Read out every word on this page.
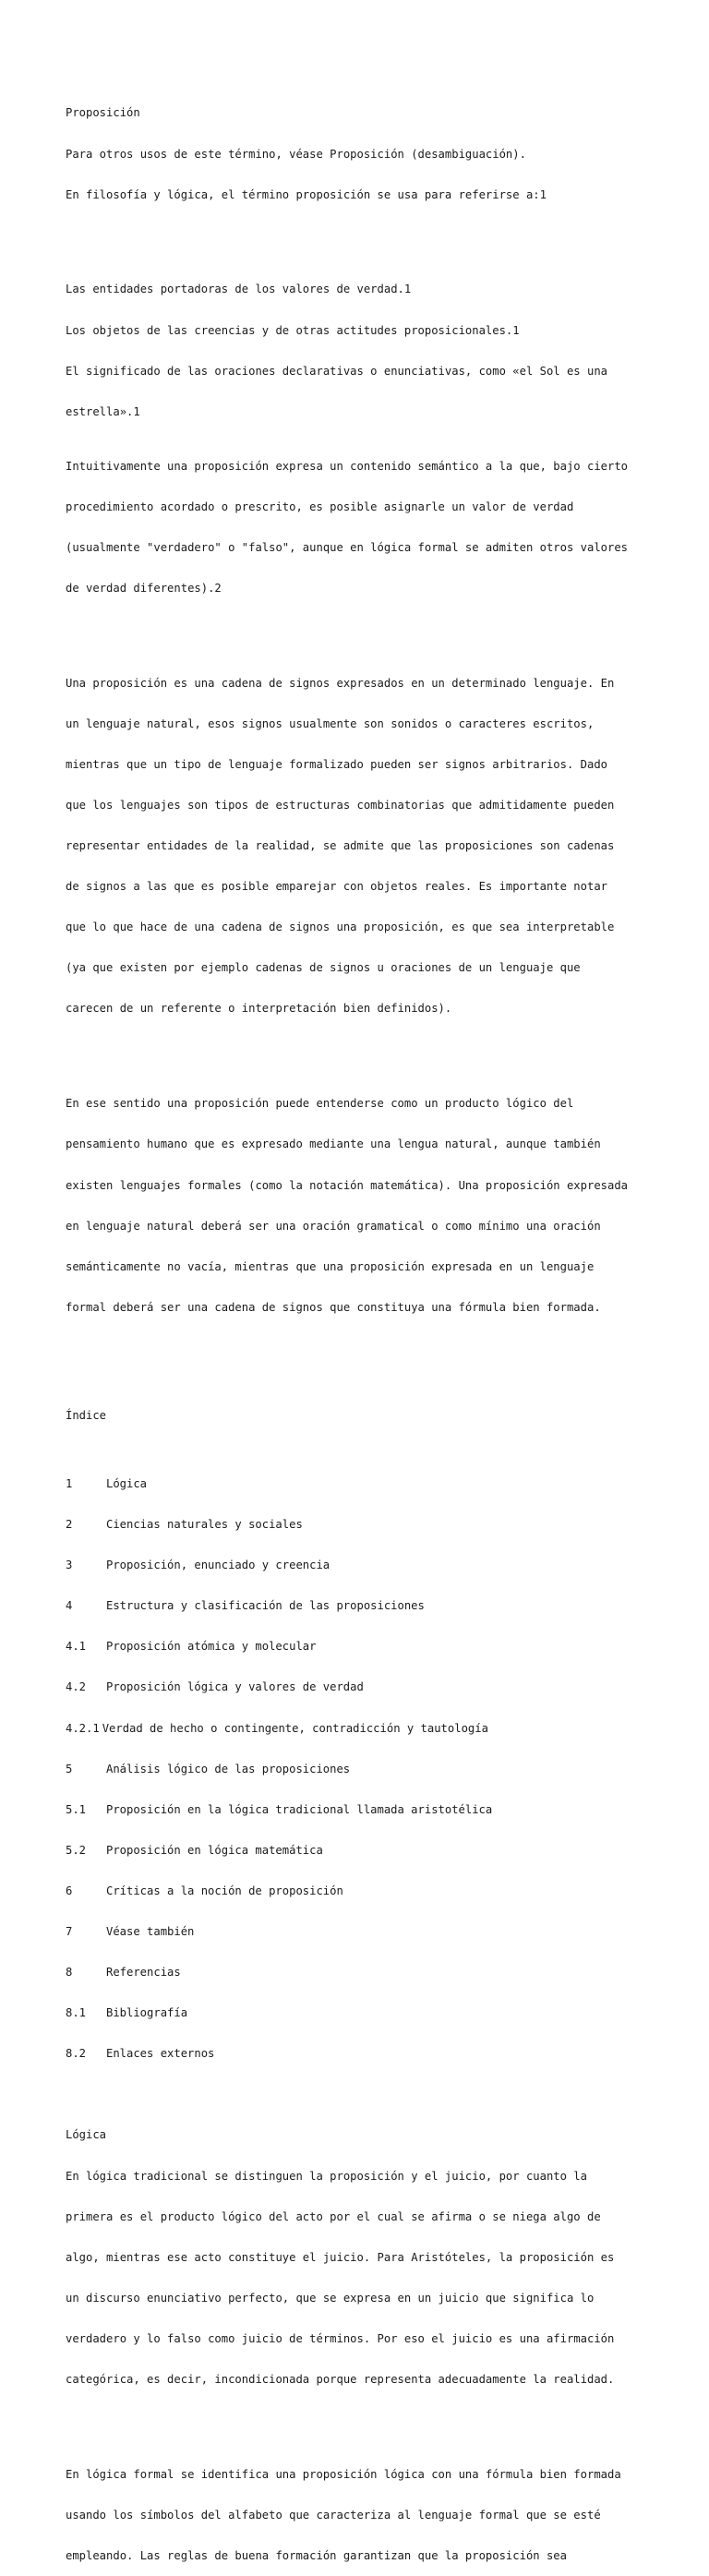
Proposición

Para otros usos de este término, véase Proposición (desambiguación).

En filosofía y lógica, el término proposición se usa para referirse a:1

Las entidades portadoras de los valores de verdad.1

Los objetos de las creencias y de otras actitudes proposicionales.1

El significado de las oraciones declarativas o enunciativas, como «el Sol es una

estrella».1

Intuitivamente una proposición expresa un contenido semántico a la que, bajo cierto

procedimiento acordado o prescrito, es posible asignarle un valor de verdad

(usualmente "verdadero" o "falso", aunque en lógica formal se admiten otros valores

de verdad diferentes).2

Una proposición es una cadena de signos expresados en un determinado lenguaje. En

un lenguaje natural, esos signos usualmente son sonidos o caracteres escritos,

mientras que un tipo de lenguaje formalizado pueden ser signos arbitrarios. Dado

que los lenguajes son tipos de estructuras combinatorias que admitidamente pueden

representar entidades de la realidad, se admite que las proposiciones son cadenas

de signos a las que es posible emparejar con objetos reales. Es importante notar

que lo que hace de una cadena de signos una proposición, es que sea interpretable

(ya que existen por ejemplo cadenas de signos u oraciones de un lenguaje que

carecen de un referente o interpretación bien definidos).

En ese sentido una proposición puede entenderse como un producto lógico del

pensamiento humano que es expresado mediante una lengua natural, aunque también

existen lenguajes formales (como la notación matemática). Una proposición expresada

en lenguaje natural deberá ser una oración gramatical o como mínimo una oración

semánticamente no vacía, mientras que una proposición expresada en un lenguaje

formal deberá ser una cadena de signos que constituya una fórmula bien formada.

Índice

1	Lógica

2	Ciencias naturales y sociales

3	Proposición, enunciado y creencia

4	Estructura y clasificación de las proposiciones

4.1 Proposición atómica y molecular

4.2 Proposición lógica y valores de verdad

4.2.1 Verdad de hecho o contingente, contradicción y tautología

5	Análisis lógico de las proposiciones

5.1 Proposición en la lógica tradicional llamada aristotélica

5.2 Proposición en lógica matemática

6	Críticas a la noción de proposición

7	Véase también

8	Referencias

8.1 Bibliografía

8.2 Enlaces externos

Lógica

En lógica tradicional se distinguen la proposición y el juicio, por cuanto la

primera es el producto lógico del acto por el cual se afirma o se niega algo de

algo, mientras ese acto constituye el juicio. Para Aristóteles, la proposición es

un discurso enunciativo perfecto, que se expresa en un juicio que significa lo

verdadero y lo falso como juicio de términos. Por eso el juicio es una afirmación

categórica, es decir, incondicionada porque representa adecuadamente la realidad.

En lógica formal se identifica una proposición lógica con una fórmula bien formada

usando los símbolos del alfabeto que caracteriza al lenguaje formal que se esté

empleando. Las reglas de buena formación garantizan que la proposición sea
